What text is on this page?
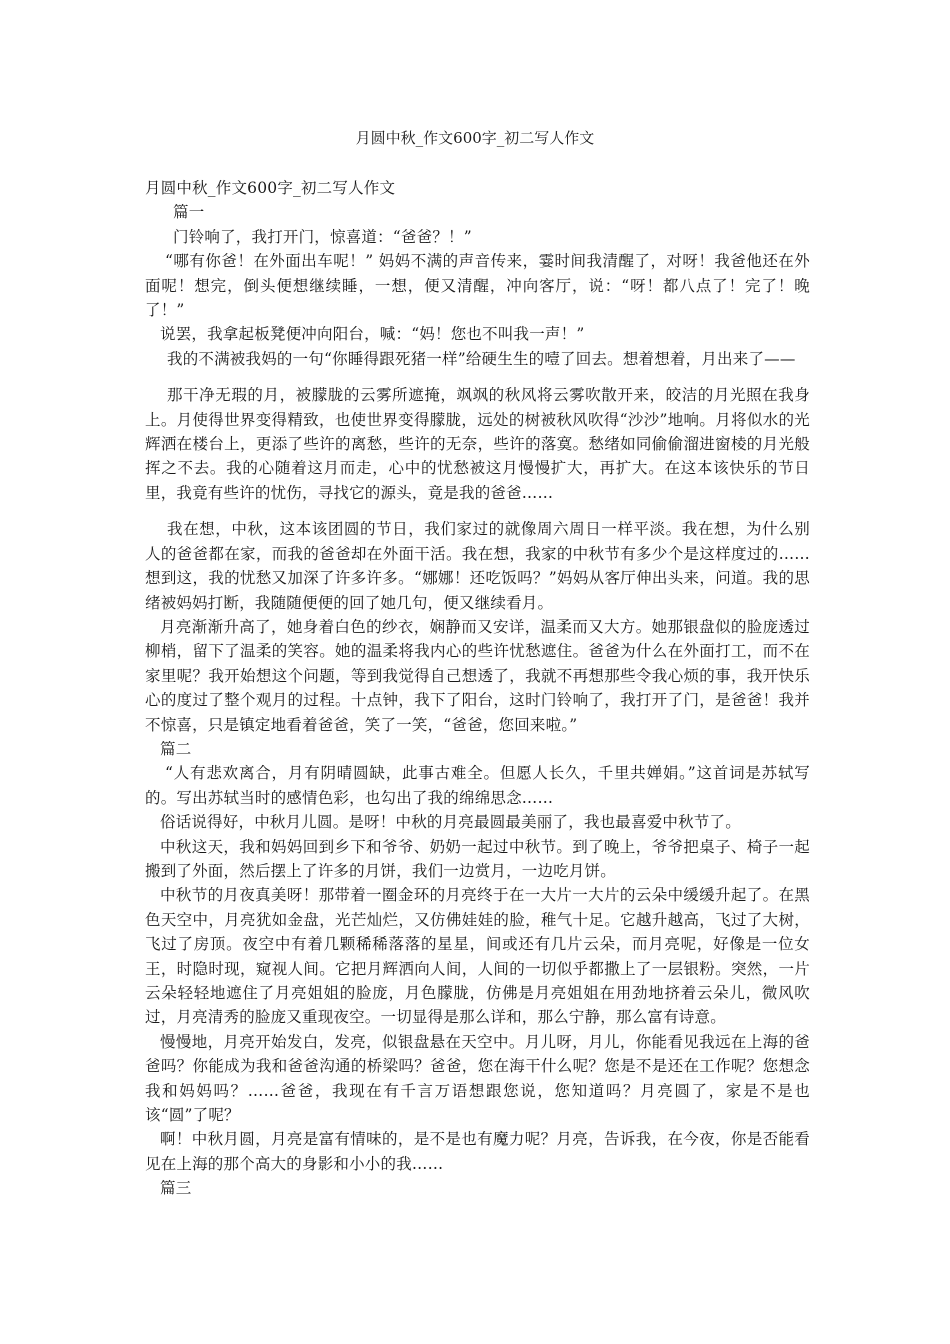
月圆中秋_作文600字_初二写人作文

月圆中秋_作文600字_初二写人作文

篇一

门铃响了，我打开门，惊喜道：“爸爸？！”

“哪有你爸！在外面出车呢！” 妈妈不满的声音传来，霎时间我清醒了，对呀！我爸他还在外面呢！想完，倒头便想继续睡，一想，便又清醒，冲向客厅，说：“呀！都八点了！完了！晚了！”

说罢，我拿起板凳便冲向阳台，喊：“妈！您也不叫我一声！”

我的不满被我妈的一句“你睡得跟死猪一样”给硬生生的噎了回去。想着想着，月出来了——

那干净无瑕的月，被朦胧的云雾所遮掩，飒飒的秋风将云雾吹散开来，皎洁的月光照在我身上。月使得世界变得精致，也使世界变得朦胧，远处的树被秋风吹得“沙沙”地响。月将似水的光辉洒在楼台上，更添了些许的离愁，些许的无奈，些许的落寞。愁绪如同偷偷溜进窗棱的月光般挥之不去。我的心随着这月而走，心中的忧愁被这月慢慢扩大，再扩大。在这本该快乐的节日里，我竟有些许的忧伤，寻找它的源头，竟是我的爸爸……

我在想，中秋，这本该团圆的节日，我们家过的就像周六周日一样平淡。我在想，为什么别人的爸爸都在家，而我的爸爸却在外面干活。我在想，我家的中秋节有多少个是这样度过的……想到这，我的忧愁又加深了许多许多。“娜娜！还吃饭吗？”妈妈从客厅伸出头来，问道。我的思绪被妈妈打断，我随随便便的回了她几句，便又继续看月。

月亮渐渐升高了，她身着白色的纱衣，娴静而又安详，温柔而又大方。她那银盘似的脸庞透过柳梢，留下了温柔的笑容。她的温柔将我内心的些许忧愁遮住。爸爸为什么在外面打工，而不在家里呢？我开始想这个问题，等到我觉得自己想透了，我就不再想那些令我心烦的事，我开快乐心的度过了整个观月的过程。十点钟，我下了阳台，这时门铃响了，我打开了门，是爸爸！我并不惊喜，只是镇定地看着爸爸，笑了一笑，“爸爸，您回来啦。”

篇二

“人有悲欢离合，月有阴晴圆缺，此事古难全。但愿人长久，千里共婵娟。”这首词是苏轼写的。写出苏轼当时的感情色彩，也勾出了我的绵绵思念……

俗话说得好，中秋月儿圆。是呀！中秋的月亮最圆最美丽了，我也最喜爱中秋节了。

中秋这天，我和妈妈回到乡下和爷爷、奶奶一起过中秋节。到了晚上，爷爷把桌子、椅子一起搬到了外面，然后摆上了许多的月饼，我们一边赏月，一边吃月饼。

中秋节的月夜真美呀！那带着一圈金环的月亮终于在一大片一大片的云朵中缓缓升起了。在黑色天空中，月亮犹如金盘，光芒灿烂，又仿佛娃娃的脸，稚气十足。它越升越高，飞过了大树，飞过了房顶。夜空中有着几颗稀稀落落的星星，间或还有几片云朵，而月亮呢，好像是一位女王，时隐时现，窥视人间。它把月辉洒向人间，人间的一切似乎都撒上了一层银粉。突然，一片云朵轻轻地遮住了月亮姐姐的脸庞，月色朦胧，仿佛是月亮姐姐在用劲地挤着云朵儿，微风吹过，月亮清秀的脸庞又重现夜空。一切显得是那么详和，那么宁静，那么富有诗意。

慢慢地，月亮开始发白，发亮，似银盘悬在天空中。月儿呀，月儿，你能看见我远在上海的爸爸吗？你能成为我和爸爸沟通的桥梁吗？爸爸，您在海干什么呢？您是不是还在工作呢？您想念我和妈妈吗？……爸爸，我现在有千言万语想跟您说，您知道吗？月亮圆了，家是不是也该“圆”了呢？

啊！中秋月圆，月亮是富有情味的，是不是也有魔力呢？月亮，告诉我，在今夜，你是否能看见在上海的那个高大的身影和小小的我……

篇三
